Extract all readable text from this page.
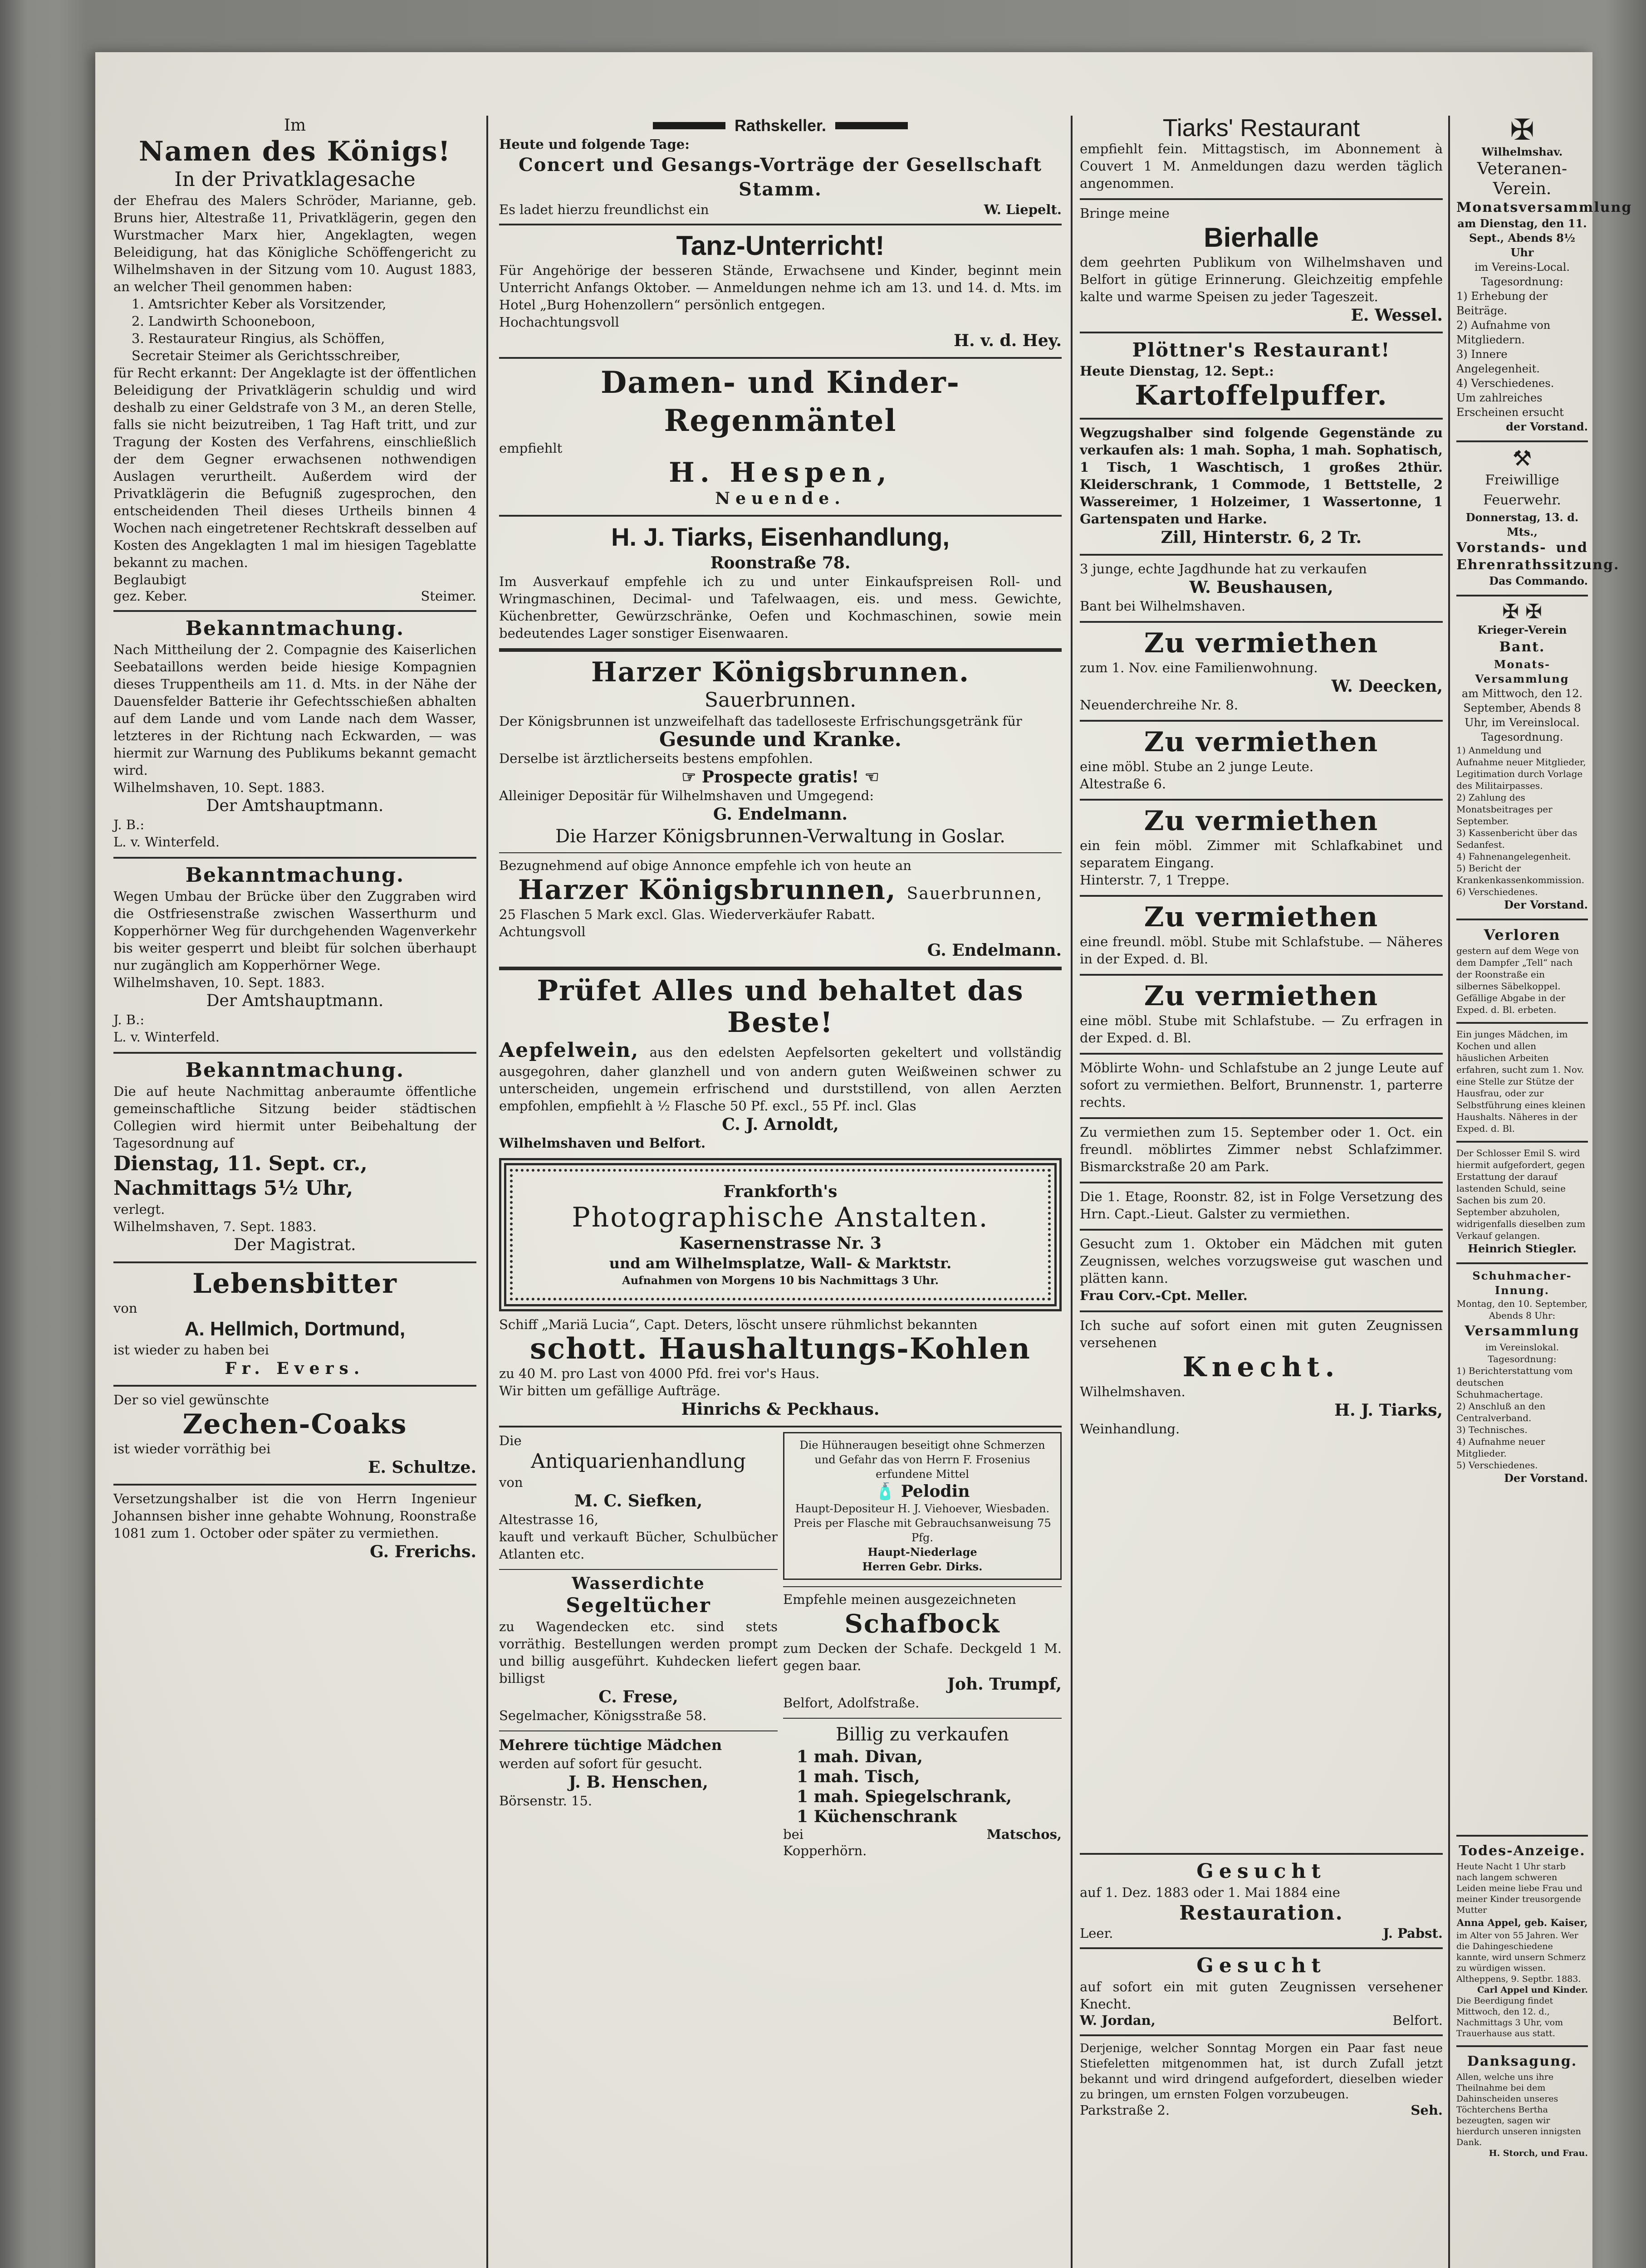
Im
Namen des Königs!
In der Privatklagesache

der Ehefrau des Malers Schröder, Marianne, geb. Bruns hier, Altestraße 11, Privatklägerin, gegen den Wurstmacher Marx hier, Angeklagten, wegen Beleidigung, hat das Königliche Schöffengericht zu Wilhelmshaven in der Sitzung vom 10. August 1883, an welcher Theil genommen haben:

1. Amtsrichter Keber als Vorsitzender,
2. Landwirth Schooneboon,
3. Restaurateur Ringius, als Schöffen,
Secretair Steimer als Gerichtsschreiber,

für Recht erkannt: Der Angeklagte ist der öffentlichen Beleidigung der Privatklägerin schuldig und wird deshalb zu einer Geldstrafe von 3 M., an deren Stelle, falls sie nicht beizutreiben, 1 Tag Haft tritt, und zur Tragung der Kosten des Verfahrens, einschließlich der dem Gegner erwachsenen nothwendigen Auslagen verurtheilt. Außerdem wird der Privatklägerin die Befugniß zugesprochen, den entscheidenden Theil dieses Urtheils binnen 4 Wochen nach eingetretener Rechtskraft desselben auf Kosten des Angeklagten 1 mal im hiesigen Tageblatte bekannt zu machen.

Beglaubigt
gez. Keber.	Steimer.
Bekanntmachung.

Nach Mittheilung der 2. Compagnie des Kaiserlichen Seebataillons werden beide hiesige Kompagnien dieses Truppentheils am 11. d. Mts. in der Nähe der Dauensfelder Batterie ihr Gefechtsschießen abhalten auf dem Lande und vom Lande nach dem Wasser, letzteres in der Richtung nach Eckwarden, — was hiermit zur Warnung des Publikums bekannt gemacht wird.

Wilhelmshaven, 10. Sept. 1883.
Der Amtshauptmann.
J. B.:
L. v. Winterfeld.
Bekanntmachung.

Wegen Umbau der Brücke über den Zuggraben wird die Ostfriesenstraße zwischen Wasserthurm und Kopperhörner Weg für durchgehenden Wagenverkehr bis weiter gesperrt und bleibt für solchen überhaupt nur zugänglich am Kopperhörner Wege.

Wilhelmshaven, 10. Sept. 1883.
Der Amtshauptmann.
J. B.:
L. v. Winterfeld.
Bekanntmachung.

Die auf heute Nachmittag anberaumte öffentliche gemeinschaftliche Sitzung beider städtischen Collegien wird hiermit unter Beibehaltung der Tagesordnung auf

Dienstag, 11. Sept. cr., Nachmittags 5½ Uhr,
verlegt.
Wilhelmshaven, 7. Sept. 1883.
Der Magistrat.
Lebensbitter
von
A. Hellmich, Dortmund,
ist wieder zu haben bei
Fr. Evers.
Der so viel gewünschte
Zechen-Coaks
ist wieder vorräthig bei
E. Schultze.

Versetzungshalber ist die von Herrn Ingenieur Johannsen bisher inne gehabte Wohnung, Roonstraße 1081 zum 1. October oder später zu vermiethen.

G. Frerichs.
Rathskeller.
Heute und folgende Tage:
Concert und Gesangs-Vorträge der Gesellschaft Stamm.
Es ladet hierzu freundlichst ein	W. Liepelt.
Tanz-Unterricht!

Für Angehörige der besseren Stände, Erwachsene und Kinder, beginnt mein Unterricht Anfangs Oktober. — Anmeldungen nehme ich am 13. und 14. d. Mts. im Hotel „Burg Hohenzollern“ persönlich entgegen.

Hochachtungsvoll
H. v. d. Hey.
Damen- und Kinder-Regenmäntel
empfiehlt
H. Hespen,
Neuende.
H. J. Tiarks, Eisenhandlung,
Roonstraße 78.

Im Ausverkauf empfehle ich zu und unter Einkaufspreisen Roll- und Wringmaschinen, Decimal- und Tafelwaagen, eis. und mess. Gewichte, Küchenbretter, Gewürzschränke, Oefen und Kochmaschinen, sowie mein bedeutendes Lager sonstiger Eisenwaaren.

Harzer Königsbrunnen.
Sauerbrunnen.
Der Königsbrunnen ist unzweifelhaft das tadelloseste Erfrischungsgetränk für
Gesunde und Kranke.
Derselbe ist ärztlicherseits bestens empfohlen.
☞ Prospecte gratis! ☜
Alleiniger Depositär für Wilhelmshaven und Umgegend:
G. Endelmann.
Die Harzer Königsbrunnen-Verwaltung in Goslar.
Bezugnehmend auf obige Annonce empfehle ich von heute an
Harzer Königsbrunnen, Sauerbrunnen,
25 Flaschen 5 Mark excl. Glas. Wiederverkäufer Rabatt.
Achtungsvoll
G. Endelmann.
Prüfet Alles und behaltet das Beste!

Aepfelwein, aus den edelsten Aepfelsorten gekeltert und vollständig ausgegohren, daher glanzhell und von andern guten Weißweinen schwer zu unterscheiden, ungemein erfrischend und durststillend, von allen Aerzten empfohlen, empfiehlt à ½ Flasche 50 Pf. excl., 55 Pf. incl. Glas

C. J. Arnoldt,
Wilhelmshaven und Belfort.
Frankforth's
Photographische Anstalten.
Kasernenstrasse Nr. 3
und am Wilhelmsplatze, Wall- & Marktstr.
Aufnahmen von Morgens 10 bis Nachmittags 3 Uhr.

Schiff „Mariä Lucia“, Capt. Deters, löscht unsere rühmlichst bekannten

schott. Haushaltungs-Kohlen
zu 40 M. pro Last von 4000 Pfd. frei vor's Haus.
Wir bitten um gefällige Aufträge.
Hinrichs & Peckhaus.
Die
Antiquarienhandlung
von
M. C. Siefken,
Altestrasse 16,
kauft und verkauft Bücher, Schulbücher Atlanten etc.
Wasserdichte
Segeltücher

zu Wagendecken etc. sind stets vorräthig. Bestellungen werden prompt und billig ausgeführt. Kuhdecken liefert billigst

C. Frese,
Segelmacher, Königsstraße 58.
Mehrere tüchtige Mädchen

werden auf sofort für gesucht.

J. B. Henschen,
Börsenstr. 15.
Die Hühneraugen beseitigt ohne Schmerzen und Gefahr das von Herrn F. Frosenius erfundene Mittel
🧴 Pelodin
Haupt-Depositeur H. J. Viehoever, Wiesbaden. Preis per Flasche mit Gebrauchsanweisung 75 Pfg.
Haupt-Niederlage
Herren Gebr. Dirks.
Empfehle meinen ausgezeichneten
Schafbock

zum Decken der Schafe. Deckgeld 1 M. gegen baar.

Joh. Trumpf,
Belfort, Adolfstraße.
Billig zu verkaufen
1 mah. Divan,
1 mah. Tisch,
1 mah. Spiegelschrank,
1 Küchenschrank
bei	Matschos,
Kopperhörn.
Tiarks' Restaurant

empfiehlt fein. Mittagstisch, im Abonnement à Couvert 1 M. Anmeldungen dazu werden täglich angenommen.

Bringe meine
Bierhalle

dem geehrten Publikum von Wilhelmshaven und Belfort in gütige Erinnerung. Gleichzeitig empfehle kalte und warme Speisen zu jeder Tageszeit.

E. Wessel.
Plöttner's Restaurant!
Heute Dienstag, 12. Sept.:
Kartoffelpuffer.

Wegzugshalber sind folgende Gegenstände zu verkaufen als: 1 mah. Sopha, 1 mah. Sophatisch, 1 Tisch, 1 Waschtisch, 1 großes 2thür. Kleiderschrank, 1 Commode, 1 Bettstelle, 2 Wassereimer, 1 Holzeimer, 1 Wassertonne, 1 Gartenspaten und Harke.

Zill, Hinterstr. 6, 2 Tr.

3 junge, echte Jagdhunde hat zu verkaufen

W. Beushausen,
Bant bei Wilhelmshaven.
Zu vermiethen
zum 1. Nov. eine Familienwohnung.
W. Deecken,
Neuenderchreihe Nr. 8.
Zu vermiethen
eine möbl. Stube an 2 junge Leute.
Altestraße 6.
Zu vermiethen

ein fein möbl. Zimmer mit Schlafkabinet und separatem Eingang.

Hinterstr. 7, 1 Treppe.
Zu vermiethen

eine freundl. möbl. Stube mit Schlafstube. — Näheres in der Exped. d. Bl.

Zu vermiethen

eine möbl. Stube mit Schlafstube. — Zu erfragen in der Exped. d. Bl.

Möblirte Wohn- und Schlafstube an 2 junge Leute auf sofort zu vermiethen. Belfort, Brunnenstr. 1, parterre rechts.

Zu vermiethen zum 15. September oder 1. Oct. ein freundl. möblirtes Zimmer nebst Schlafzimmer. Bismarckstraße 20 am Park.

Die 1. Etage, Roonstr. 82, ist in Folge Versetzung des Hrn. Capt.-Lieut. Galster zu vermiethen.

Gesucht zum 1. Oktober ein Mädchen mit guten Zeugnissen, welches vorzugsweise gut waschen und plätten kann.

Frau Corv.-Cpt. Meller.

Ich suche auf sofort einen mit guten Zeugnissen versehenen

Knecht.
Wilhelmshaven.
H. J. Tiarks,
Weinhandlung.
✠
Wilhelmshav.
Veteranen-
Verein.
Monatsversammlung
am Dienstag, den 11. Sept., Abends 8½ Uhr
im Vereins-Local.
Tagesordnung:
1) Erhebung der Beiträge.
2) Aufnahme von Mitgliedern.
3) Innere Angelegenheit.
4) Verschiedenes.
Um zahlreiches Erscheinen ersucht
der Vorstand.
⚒
Freiwillige
Feuerwehr.
Donnerstag, 13. d. Mts.,
Vorstands- und Ehrenrathssitzung.
Das Commando.
✠ ✠
Krieger-Verein
Bant.
Monats-Versammlung
am Mittwoch, den 12. September, Abends 8 Uhr, im Vereinslocal.
Tagesordnung.
1) Anmeldung und Aufnahme neuer Mitglieder, Legitimation durch Vorlage des Militairpasses.
2) Zahlung des Monatsbeitrages per September.
3) Kassenbericht über das Sedanfest.
4) Fahnenangelegenheit.
5) Bericht der Krankenkassenkommission.
6) Verschiedenes.
Der Vorstand.
Verloren
gestern auf dem Wege von dem Dampfer „Tell“ nach der Roonstraße ein silbernes Säbelkoppel. Gefällige Abgabe in der Exped. d. Bl. erbeten.
Ein junges Mädchen, im Kochen und allen häuslichen Arbeiten erfahren, sucht zum 1. Nov. eine Stelle zur Stütze der Hausfrau, oder zur Selbstführung eines kleinen Haushalts. Näheres in der Exped. d. Bl.
Der Schlosser Emil S. wird hiermit aufgefordert, gegen Erstattung der darauf lastenden Schuld, seine Sachen bis zum 20. September abzuholen, widrigenfalls dieselben zum Verkauf gelangen.
Heinrich Stiegler.
Schuhmacher-Innung.
Montag, den 10. September, Abends 8 Uhr:
Versammlung
im Vereinslokal.
Tagesordnung:
1) Berichterstattung vom deutschen Schuhmachertage.
2) Anschluß an den Centralverband.
3) Technisches.
4) Aufnahme neuer Mitglieder.
5) Verschiedenes.
Der Vorstand.
Gesucht
auf 1. Dez. 1883 oder 1. Mai 1884 eine
Restauration.
Leer.	J. Pabst.
Gesucht
auf sofort ein mit guten Zeugnissen versehener Knecht.
W. Jordan,	Belfort.

Derjenige, welcher Sonntag Morgen ein Paar fast neue Stiefeletten mitgenommen hat, ist durch Zufall jetzt bekannt und wird dringend aufgefordert, dieselben wieder zu bringen, um ernsten Folgen vorzubeugen.

Parkstraße 2.	Seh.
Todes-Anzeige.
Heute Nacht 1 Uhr starb nach langem schweren Leiden meine liebe Frau und meiner Kinder treusorgende Mutter
Anna Appel, geb. Kaiser,
im Alter von 55 Jahren. Wer die Dahingeschiedene kannte, wird unsern Schmerz zu würdigen wissen.
Altheppens, 9. Septbr. 1883.
Carl Appel und Kinder.
Die Beerdigung findet Mittwoch, den 12. d., Nachmittags 3 Uhr, vom Trauerhause aus statt.
Danksagung.
Allen, welche uns ihre Theilnahme bei dem Dahinscheiden unseres Töchterchens Bertha bezeugten, sagen wir hierdurch unseren innigsten Dank.
H. Storch, und Frau.
